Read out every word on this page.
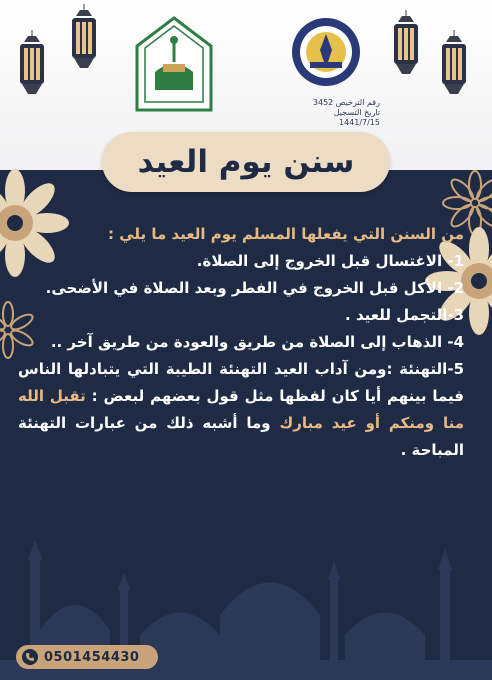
رقم الترخيص 3452
تاريخ التسجيل 1441/7/15
سنن يوم العيد
من السنن التي يفعلها المسلم يوم العيد ما يلي :
1- الاغتسال قبل الخروج إلى الصلاة.
2- الأكل قبل الخروج في الفطر وبعد الصلاة في الأضحى.
3-التجمل للعيد .
4- الذهاب إلى الصلاة من طريق والعودة من طريق آخر ..
5-التهنئة :ومن آداب العيد التهنئة الطيبة التي يتبادلها الناس فيما بينهم أيا كان لفظها مثل قول بعضهم لبعض : تقبل الله منا ومنكم أو عيد مبارك وما أشبه ذلك من عبارات التهنئة المباحة .
0501454430
